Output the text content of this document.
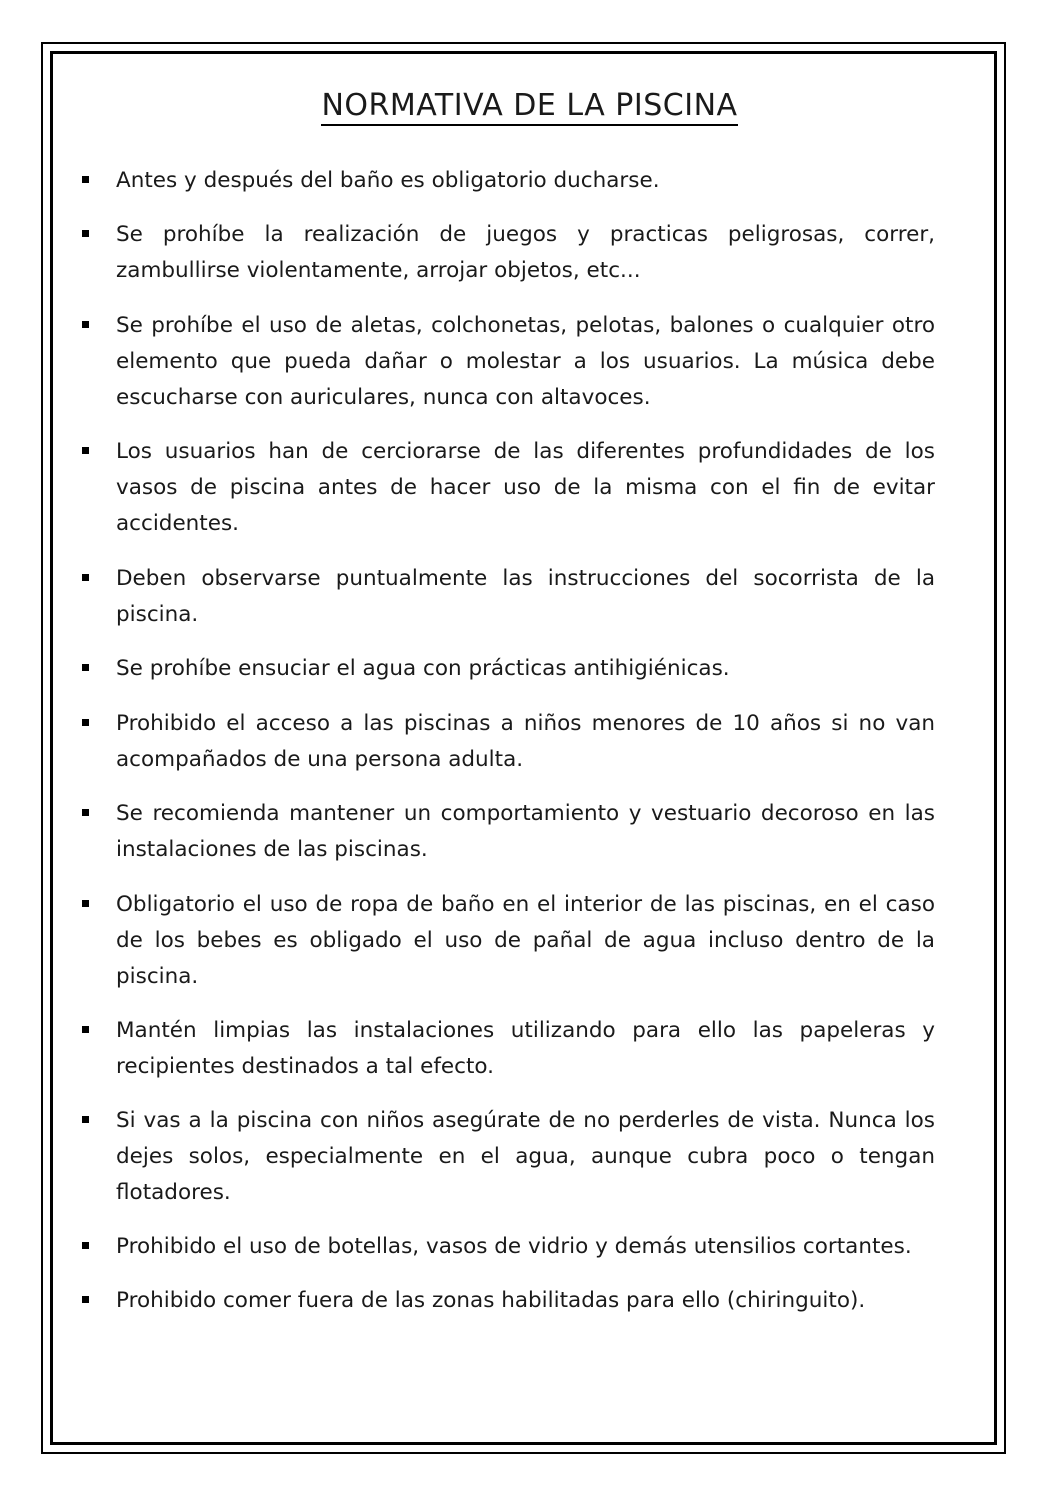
NORMATIVA DE LA PISCINA
Antes y después del baño es obligatorio ducharse.
Se prohíbe la realización de juegos y practicas peligrosas, correr, zambullirse violentamente, arrojar objetos, etc...
Se prohíbe el uso de aletas, colchonetas, pelotas, balones o cualquier otro elemento que pueda dañar o molestar a los usuarios. La música debe escucharse con auriculares, nunca con altavoces.
Los usuarios han de cerciorarse de las diferentes profundidades de los vasos de piscina antes de hacer uso de la misma con el fin de evitar accidentes.
Deben observarse puntualmente las instrucciones del socorrista de la piscina.
Se prohíbe ensuciar el agua con prácticas antihigiénicas.
Prohibido el acceso a las piscinas a niños menores de 10 años si no van acompañados de una persona adulta.
Se recomienda mantener un comportamiento y vestuario decoroso en las instalaciones de las piscinas.
Obligatorio el uso de ropa de baño en el interior de las piscinas, en el caso de los bebes es obligado el uso de pañal de agua incluso dentro de la piscina.
Mantén limpias las instalaciones utilizando para ello las papeleras y recipientes destinados a tal efecto.
Si vas a la piscina con niños asegúrate de no perderles de vista. Nunca los dejes solos, especialmente en el agua, aunque cubra poco o tengan flotadores.
Prohibido el uso de botellas, vasos de vidrio y demás utensilios cortantes.
Prohibido comer fuera de las zonas habilitadas para ello (chiringuito).
